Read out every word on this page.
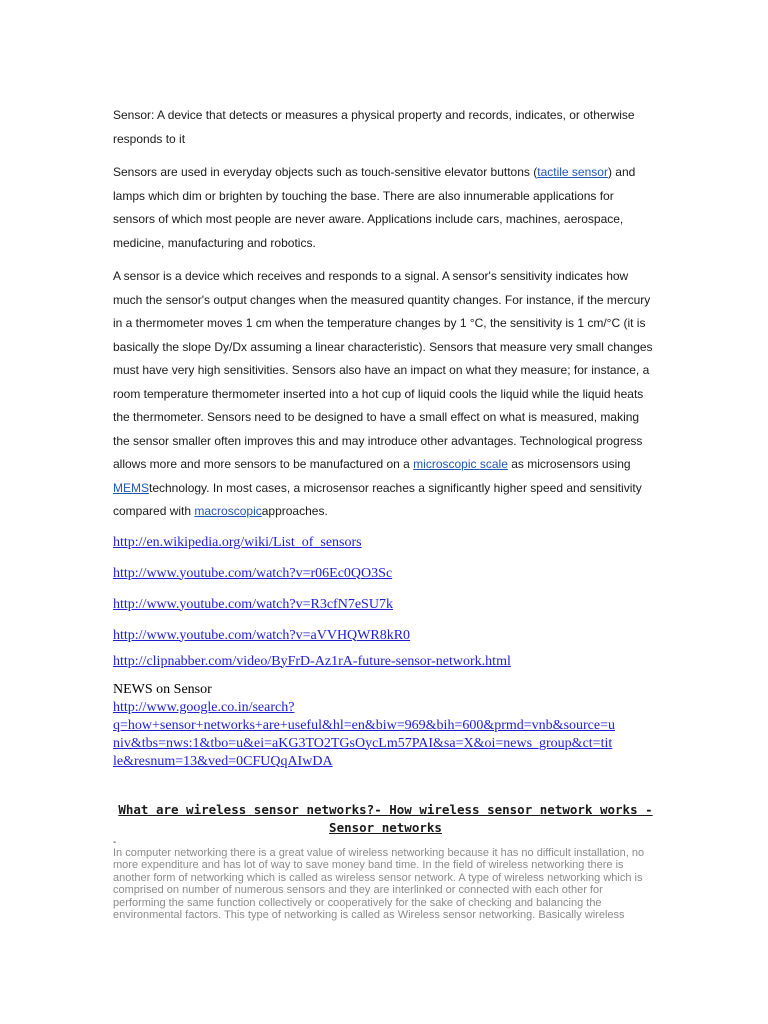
Sensor: A device that detects or measures a physical property and records, indicates, or otherwise responds to it

Sensors are used in everyday objects such as touch-sensitive elevator buttons (tactile sensor) and lamps which dim or brighten by touching the base. There are also innumerable applications for sensors of which most people are never aware. Applications include cars, machines, aerospace, medicine, manufacturing and robotics.

A sensor is a device which receives and responds to a signal. A sensor's sensitivity indicates how much the sensor's output changes when the measured quantity changes. For instance, if the mercury in a thermometer moves 1 cm when the temperature changes by 1 °C, the sensitivity is 1 cm/°C (it is basically the slope Dy/Dx assuming a linear characteristic). Sensors that measure very small changes must have very high sensitivities. Sensors also have an impact on what they measure; for instance, a room temperature thermometer inserted into a hot cup of liquid cools the liquid while the liquid heats the thermometer. Sensors need to be designed to have a small effect on what is measured, making the sensor smaller often improves this and may introduce other advantages. Technological progress allows more and more sensors to be manufactured on a microscopic scale as microsensors using MEMStechnology. In most cases, a microsensor reaches a significantly higher speed and sensitivity compared with macroscopicapproaches.

http://en.wikipedia.org/wiki/List_of_sensors
http://www.youtube.com/watch?v=r06Ec0QO3Sc
http://www.youtube.com/watch?v=R3cfN7eSU7k
http://www.youtube.com/watch?v=aVVHQWR8kR0
http://clipnabber.com/video/ByFrD-Az1rA-future-sensor-network.html
NEWS on Sensor
http://www.google.co.in/search?
q=how+sensor+networks+are+useful&hl=en&biw=969&bih=600&prmd=vnb&source=u
niv&tbs=nws:1&tbo=u&ei=aKG3TO2TGsOycLm57PAI&sa=X&oi=news_group&ct=tit
le&resnum=13&ved=0CFUQqAIwDA
What are wireless sensor networks?- How wireless sensor network works - Sensor networks
-

In computer networking there is a great value of wireless networking because it has no difficult installation, no more expenditure and has lot of way to save money band time. In the field of wireless networking there is another form of networking which is called as wireless sensor network. A type of wireless networking which is comprised on number of numerous sensors and they are interlinked or connected with each other for performing the same function collectively or cooperatively for the sake of checking and balancing the environmental factors. This type of networking is called as Wireless sensor networking. Basically wireless
